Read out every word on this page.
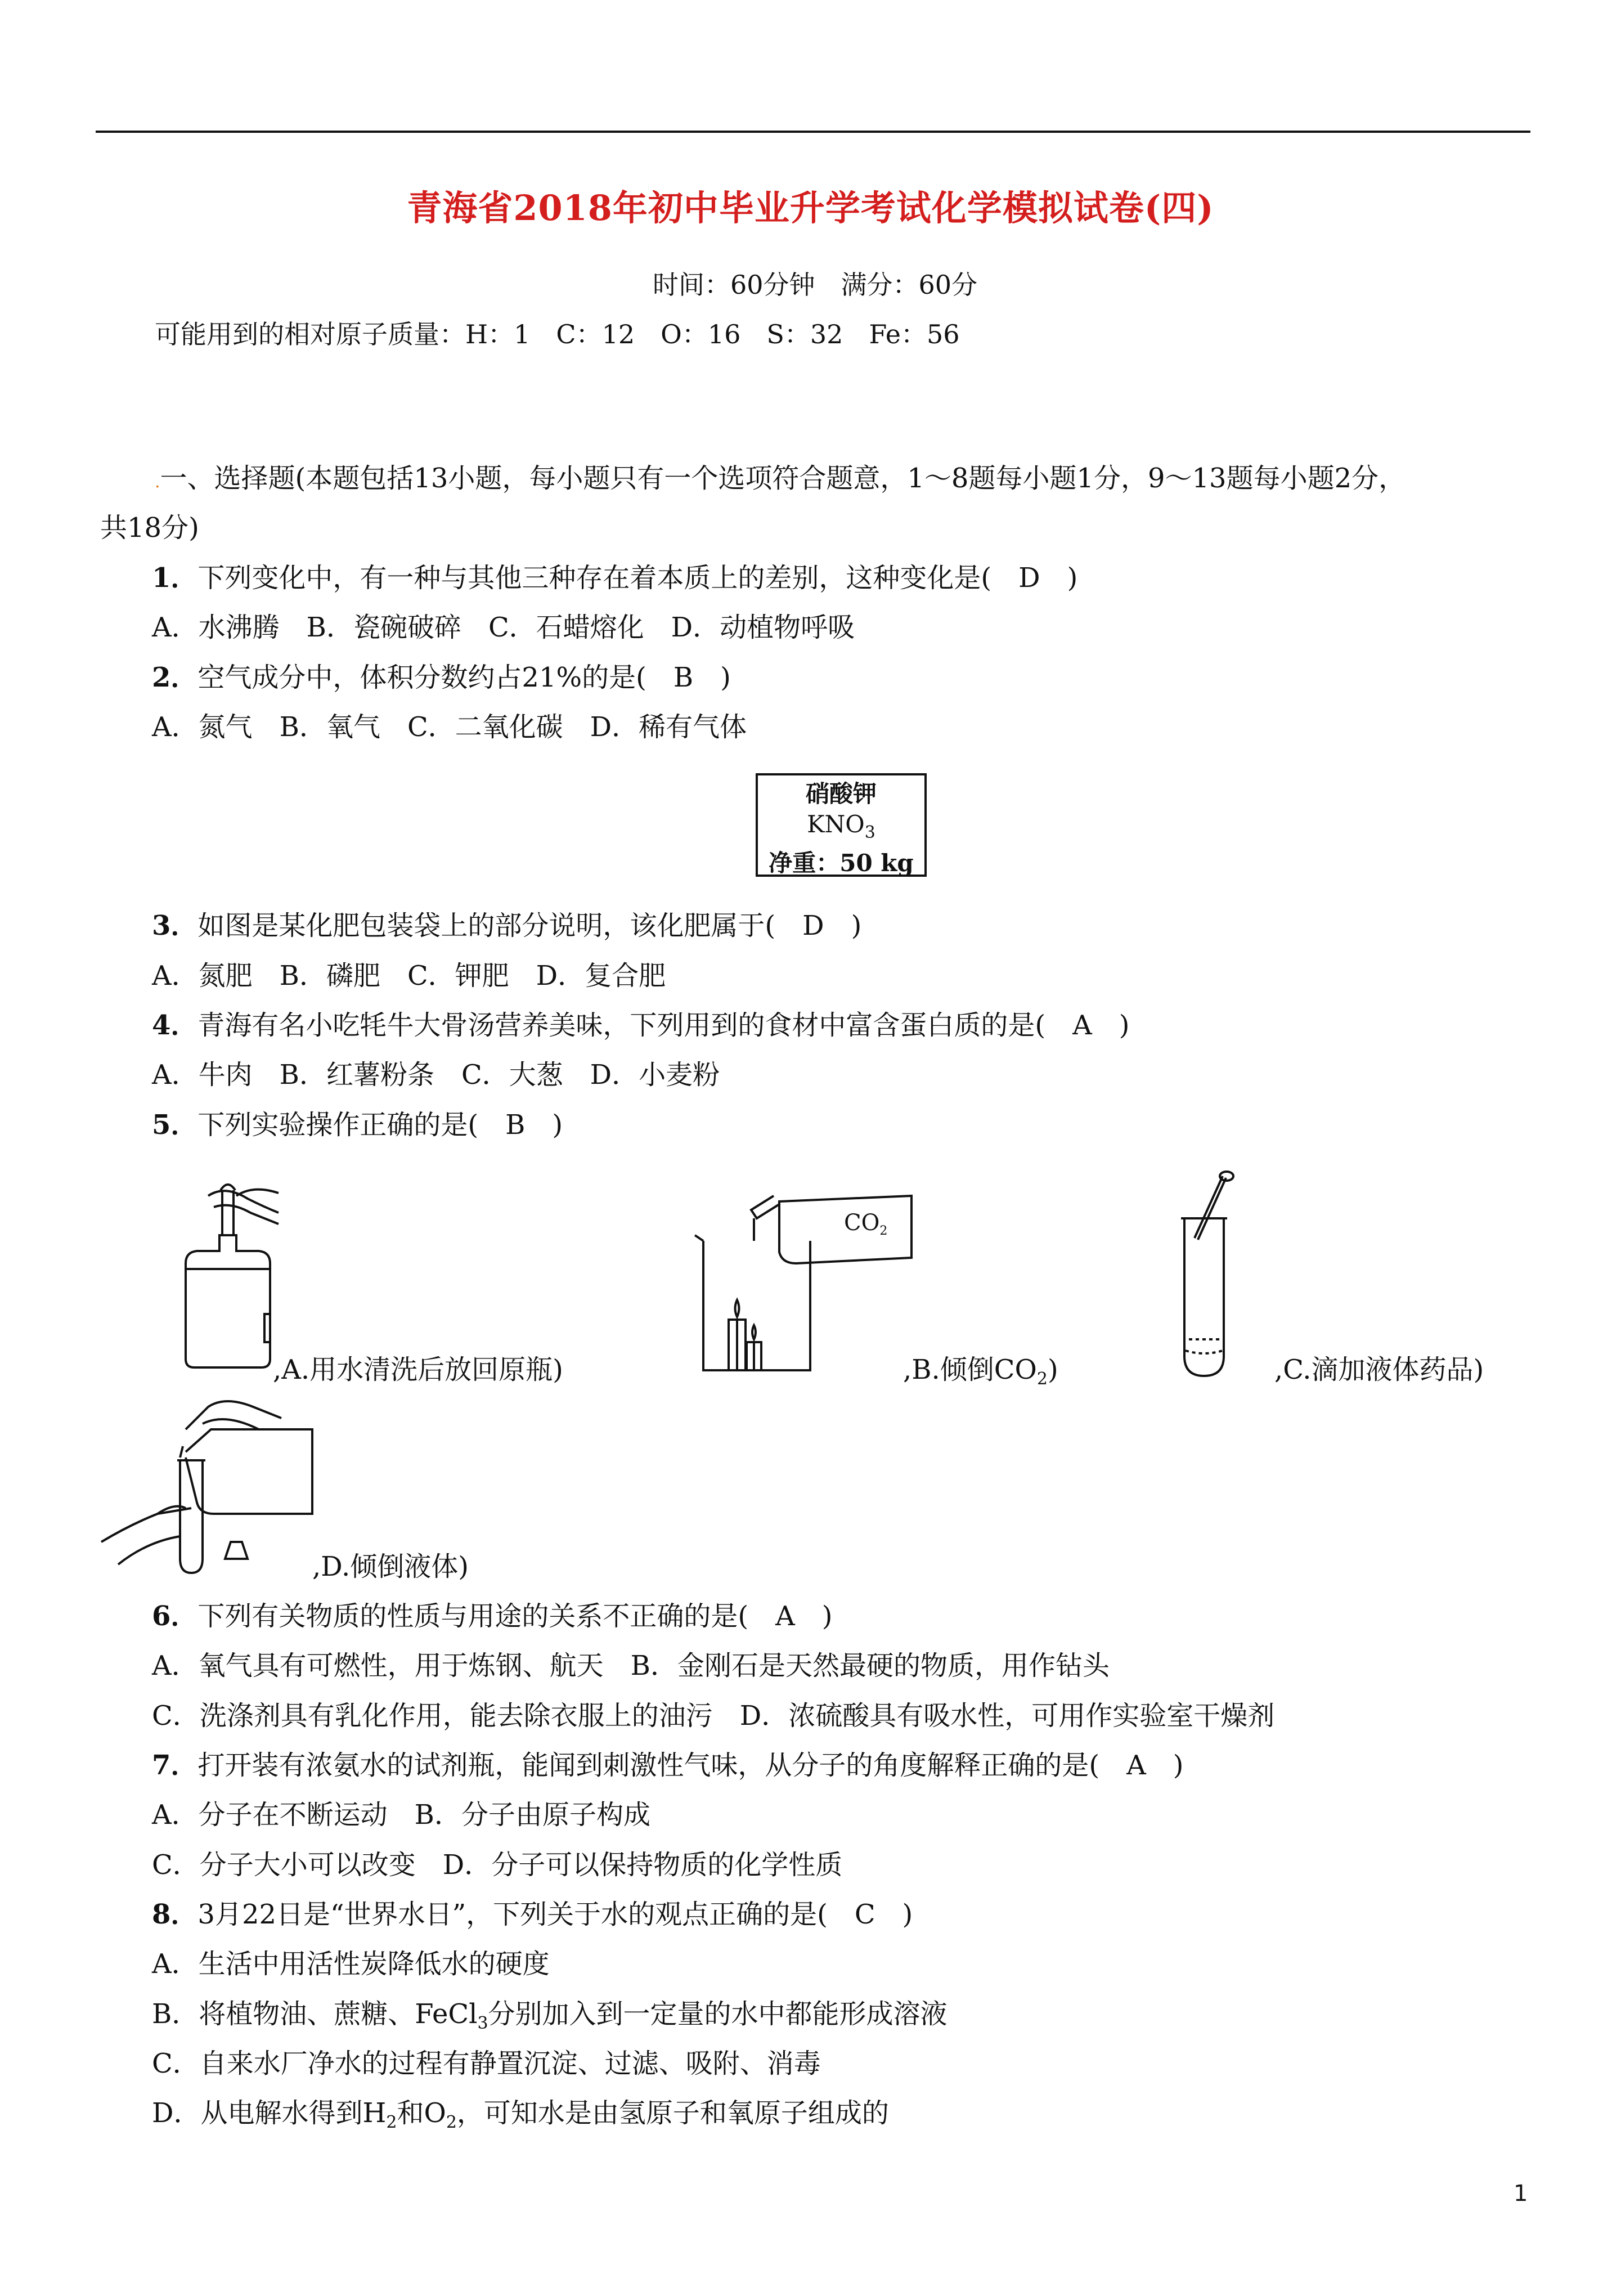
青海省2018年初中毕业升学考试化学模拟试卷(四)
时间：60分钟　满分：60分
可能用到的相对原子质量：H：1　C：12　O：16　S：32　Fe：56
.一、选择题(本题包括13小题，每小题只有一个选项符合题意，1～8题每小题1分，9～13题每小题2分，
共18分)
1．下列变化中，有一种与其他三种存在着本质上的差别，这种变化是(　D　)
A．水沸腾　B．瓷碗破碎　C．石蜡熔化　D．动植物呼吸
2．空气成分中，体积分数约占21%的是(　B　)
A．氮气　B．氧气　C．二氧化碳　D．稀有气体
硝酸钾
$KNO_3$
净重：50 kg
3．如图是某化肥包装袋上的部分说明，该化肥属于(　D　)
A．氮肥　B．磷肥　C．钾肥　D．复合肥
4．青海有名小吃牦牛大骨汤营养美味，下列用到的食材中富含蛋白质的是(　A　)
A．牛肉　B．红薯粉条　C．大葱　D．小麦粉
5．下列实验操作正确的是(　B　)
,A.用水清洗后放回原瓶)
$CO_2$
,B.倾倒$CO_2$)	,C.滴加液体药品)
,D.倾倒液体)
6．下列有关物质的性质与用途的关系不正确的是(　A　)
A．氧气具有可燃性，用于炼钢、航天　B．金刚石是天然最硬的物质，用作钻头
C．洗涤剂具有乳化作用，能去除衣服上的油污　D．浓硫酸具有吸水性，可用作实验室干燥剂
7．打开装有浓氨水的试剂瓶，能闻到刺激性气味，从分子的角度解释正确的是(　A　)
A．分子在不断运动　B．分子由原子构成
C．分子大小可以改变　D．分子可以保持物质的化学性质
8．3月22日是“世界水日”，下列关于水的观点正确的是(　C　)
A．生活中用活性炭降低水的硬度
B．将植物油、蔗糖、FeCl$_3$分别加入到一定量的水中都能形成溶液
C．自来水厂净水的过程有静置沉淀、过滤、吸附、消毒
D．从电解水得到$H_2$和$O_2$，可知水是由氢原子和氧原子组成的
1
